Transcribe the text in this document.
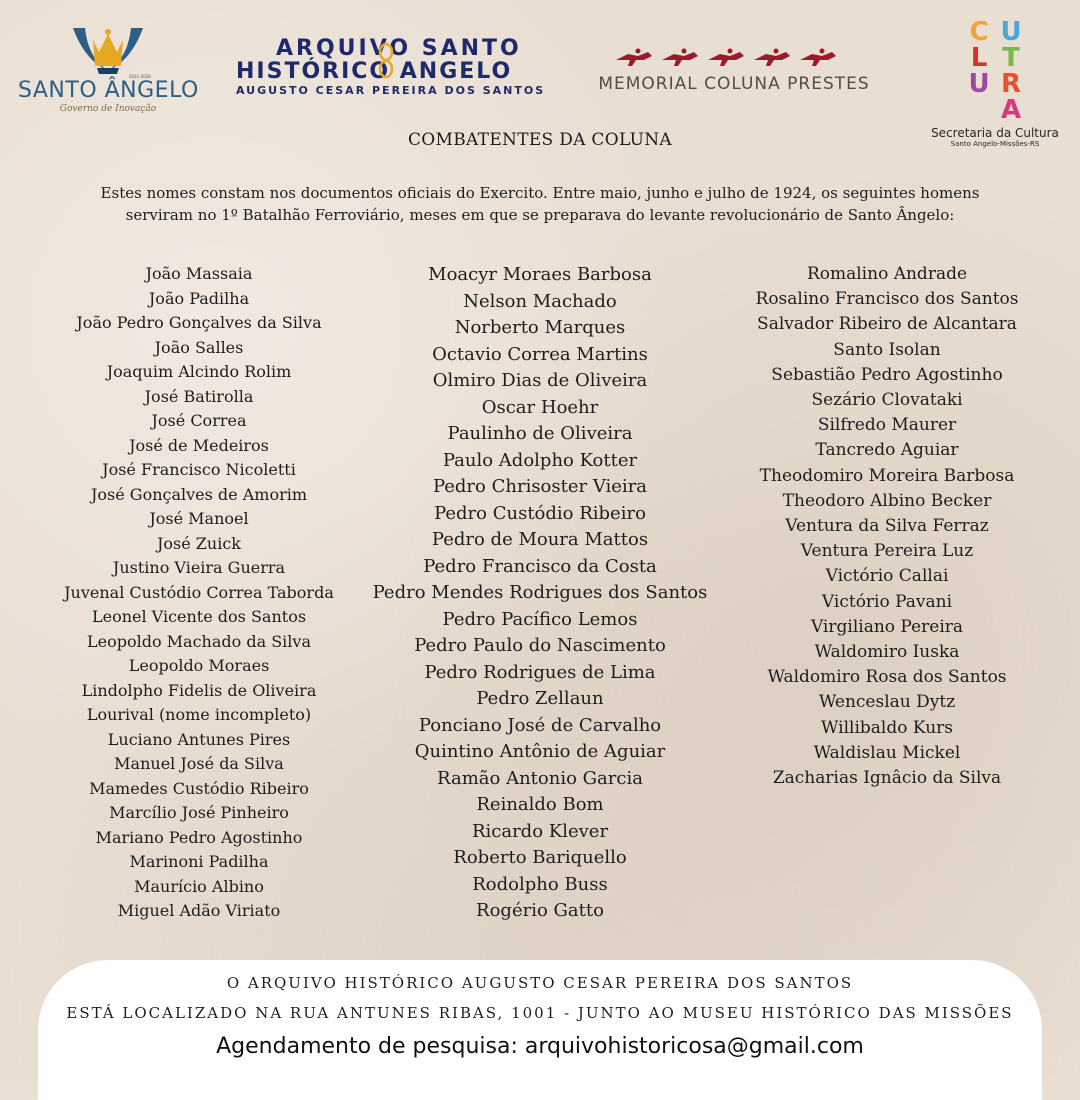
2021-2024
SANTO ÂNGELO
Governo de Inovação
ARQUIVO SANTO
HISTÓRICO ANGELO
AUGUSTO CESAR PEREIRA DOS SANTOS	MEMORIAL COLUNA PRESTES
C U
L T
U R
A
Secretaria da Cultura
Santo Angelo-Missões-RS
COMBATENTES DA COLUNA
Estes nomes constam nos documentos oficiais do Exercito. Entre maio, junho e julho de 1924, os seguintes homens
serviram no 1º Batalhão Ferroviário, meses em que se preparava do levante revolucionário de Santo Ângelo:
João Massaia
João Padilha
João Pedro Gonçalves da Silva
João Salles
Joaquim Alcindo Rolim
José Batirolla
José Correa
José de Medeiros
José Francisco Nicoletti
José Gonçalves de Amorim
José Manoel
José Zuick
Justino Vieira Guerra
Juvenal Custódio Correa Taborda
Leonel Vicente dos Santos
Leopoldo Machado da Silva
Leopoldo Moraes
Lindolpho Fidelis de Oliveira
Lourival (nome incompleto)
Luciano Antunes Pires
Manuel José da Silva
Mamedes Custódio Ribeiro
Marcílio José Pinheiro
Mariano Pedro Agostinho
Marinoni Padilha
Maurício Albino
Miguel Adão Viriato
Moacyr Moraes Barbosa
Nelson Machado
Norberto Marques
Octavio Correa Martins
Olmiro Dias de Oliveira
Oscar Hoehr
Paulinho de Oliveira
Paulo Adolpho Kotter
Pedro Chrisoster Vieira
Pedro Custódio Ribeiro
Pedro de Moura Mattos
Pedro Francisco da Costa
Pedro Mendes Rodrigues dos Santos
Pedro Pacífico Lemos
Pedro Paulo do Nascimento
Pedro Rodrigues de Lima
Pedro Zellaun
Ponciano José de Carvalho
Quintino Antônio de Aguiar
Ramão Antonio Garcia
Reinaldo Bom
Ricardo Klever
Roberto Bariquello
Rodolpho Buss
Rogério Gatto
Romalino Andrade
Rosalino Francisco dos Santos
Salvador Ribeiro de Alcantara
Santo Isolan
Sebastião Pedro Agostinho
Sezário Clovataki
Silfredo Maurer
Tancredo Aguiar
Theodomiro Moreira Barbosa
Theodoro Albino Becker
Ventura da Silva Ferraz
Ventura Pereira Luz
Victório Callai
Victório Pavani
Virgiliano Pereira
Waldomiro Iuska
Waldomiro Rosa dos Santos
Wenceslau Dytz
Willibaldo Kurs
Waldislau Mickel
Zacharias Ignâcio da Silva
O ARQUIVO HISTÓRICO AUGUSTO CESAR PEREIRA DOS SANTOS
ESTÁ LOCALIZADO NA RUA ANTUNES RIBAS, 1001 - JUNTO AO MUSEU HISTÓRICO DAS MISSÕES
Agendamento de pesquisa: arquivohistoricosa@gmail.com
